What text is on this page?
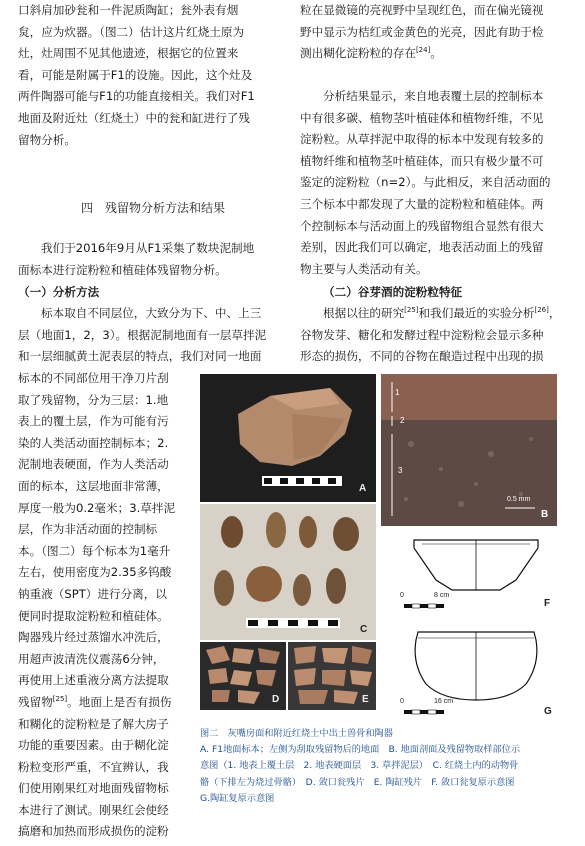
口斜肩加砂瓮和一件泥质陶缸；瓮外表有烟
炱，应为炊器。（图二）估计这片红烧土原为
灶，灶周围不见其他遗迹，根据它的位置来
看，可能是附属于F1的设施。因此，这个灶及
两件陶器可能与F1的功能直接相关。我们对F1
地面及附近灶（红烧土）中的瓮和缸进行了残
留物分析。
四　残留物分析方法和结果
我们于2016年9月从F1采集了数块泥制地
面标本进行淀粉粒和植硅体残留物分析。
（一）分析方法
标本取自不同层位，大致分为下、中、上三
层（地面1，2，3）。根据泥制地面有一层草拌泥
和一层细腻黄土泥表层的特点，我们对同一地面
标本的不同部位用干净刀片刮
取了残留物，分为三层：1.地
表上的覆土层，作为可能有污
染的人类活动面控制标本；2.
泥制地表硬面，作为人类活动
面的标本，这层地面非常薄，
厚度一般为0.2毫米；3.草拌泥
层，作为非活动面的控制标
本。（图二）每个标本为1毫升
左右，使用密度为2.35多钨酸
钠重液（SPT）进行分离，以
便同时提取淀粉粒和植硅体。
陶器残片经过蒸馏水冲洗后，
用超声波清洗仪震荡6分钟，
再使用上述重液分离方法提取
残留物[25]。地面上是否有损伤
和糊化的淀粉粒是了解大房子
功能的重要因素。由于糊化淀
粉粒变形严重，不宜辨认，我
们使用刚果红对地面残留物标
本进行了测试。刚果红会使经
搞磨和加热而形成损伤的淀粉
粒在显微镜的亮视野中呈现红色，而在偏光镜视
野中显示为桔红或金黄色的光亮，因此有助于检
测出糊化淀粉粒的存在[24]。
分析结果显示，来自地表覆土层的控制标本
中有很多碳、植物茎叶植硅体和植物纤维，不见
淀粉粒。从草拌泥中取得的标本中发现有较多的
植物纤维和植物茎叶植硅体，而只有极少量不可
鉴定的淀粉粒（n=2）。与此相反，来自活动面的
三个标本中都发现了大量的淀粉粒和植硅体。两
个控制标本与活动面上的残留物组合显然有很大
差别，因此我们可以确定，地表活动面上的残留
物主要与人类活动有关。
（二）谷芽酒的淀粉粒特征
根据以往的研究[25]和我们最近的实验分析[26]，
谷物发芽、糖化和发酵过程中淀粉粒会显示多种
形态的损伤，不同的谷物在酿造过程中出现的损
A
1
2
3
0.5 mm
B
C
D	E
0	8 cm
F
0	16 cm
G
图二　灰嘴房面和附近红烧土中出土兽骨和陶器
A. F1地面标本；左侧为刮取残留物后的地面　B. 地面剖面及残留物取样部位示
意图（1. 地表上覆土层　2. 地表硬面层　3. 草拌泥层）　C. 红烧土内的动物骨
骼（下排左为烧过骨骼）　D. 敛口瓮残片　E. 陶缸残片　F. 敛口瓮复原示意图
G.陶缸复原示意图
